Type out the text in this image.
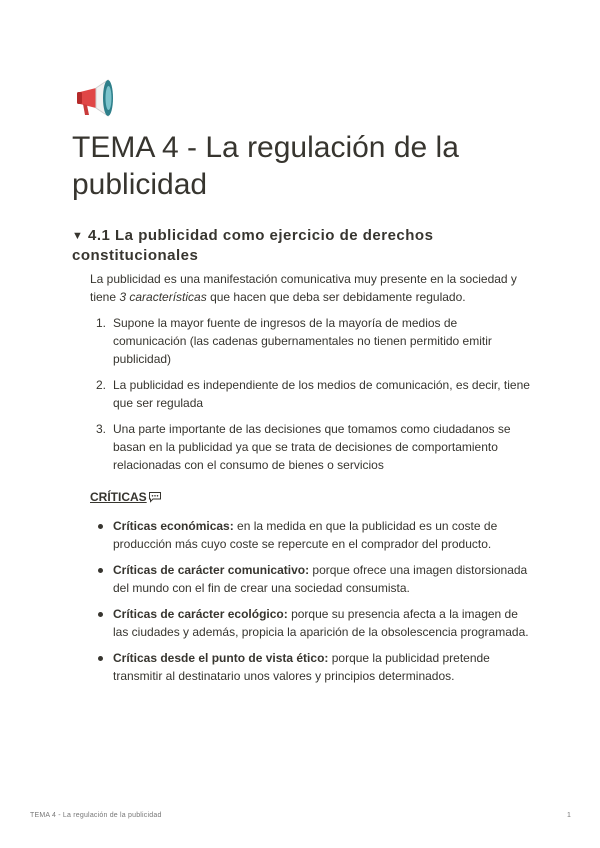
TEMA 4 - La regulación de la publicidad
▼ 4.1 La publicidad como ejercicio de derechos constitucionales

La publicidad es una manifestación comunicativa muy presente en la sociedad y tiene 3 características que hacen que deba ser debidamente regulado.

1. Supone la mayor fuente de ingresos de la mayoría de medios de comunicación (las cadenas gubernamentales no tienen permitido emitir publicidad)
2. La publicidad es independiente de los medios de comunicación, es decir, tiene que ser regulada
3. Una parte importante de las decisiones que tomamos como ciudadanos se basan en la publicidad ya que se trata de decisiones de comportamiento relacionadas con el consumo de bienes o servicios
CRÍTICAS
Críticas económicas: en la medida en que la publicidad es un coste de producción más cuyo coste se repercute en el comprador del producto.
Críticas de carácter comunicativo: porque ofrece una imagen distorsionada del mundo con el fin de crear una sociedad consumista.
Críticas de carácter ecológico: porque su presencia afecta a la imagen de las ciudades y además, propicia la aparición de la obsolescencia programada.
Críticas desde el punto de vista ético: porque la publicidad pretende transmitir al destinatario unos valores y principios determinados.
TEMA 4 - La regulación de la publicidad	1
